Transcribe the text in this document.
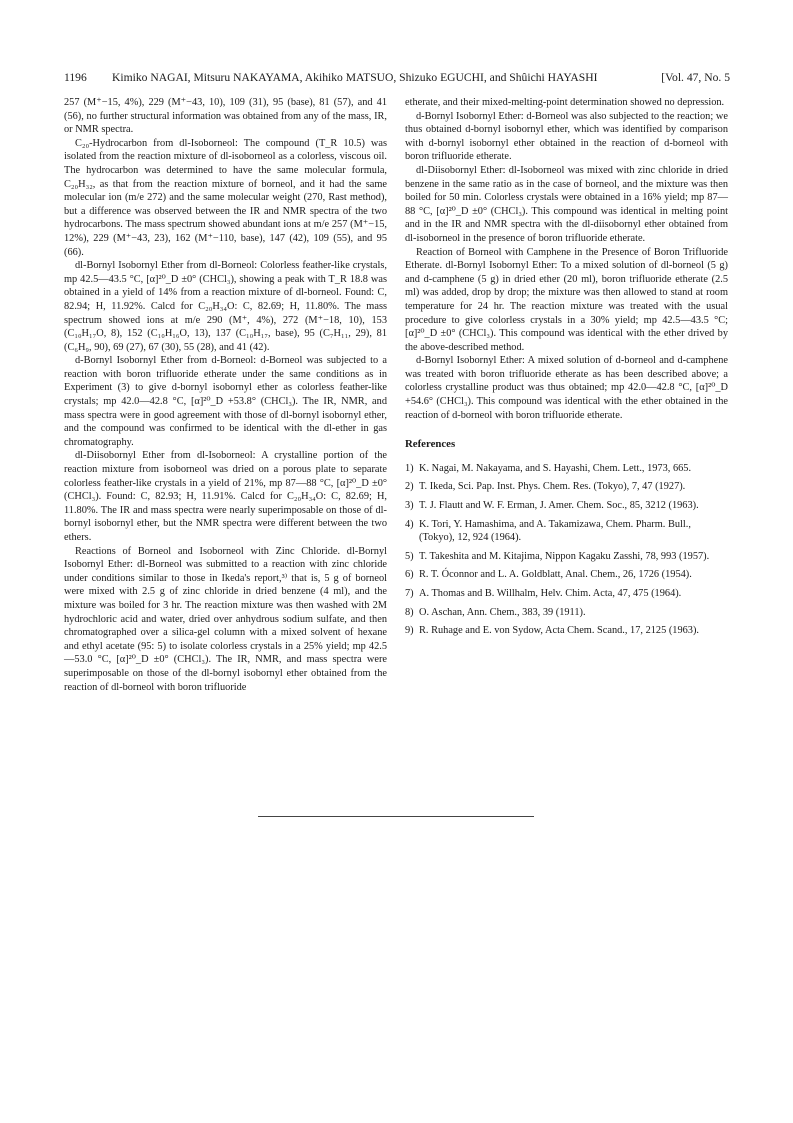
1196 Kimiko NAGAI, Mitsuru NAKAYAMA, Akihiko MATSUO, Shizuko EGUCHI, and Shûichi HAYASHI	[Vol. 47, No. 5

257 (M⁺−15, 4%), 229 (M⁺−43, 10), 109 (31), 95 (base), 81 (57), and 41 (56), no further structural information was obtained from any of the mass, IR, or NMR spectra.

C₂₀-Hydrocarbon from dl-Isoborneol: The compound (T_R 10.5) was isolated from the reaction mixture of dl-isoborneol as a colorless, viscous oil. The hydrocarbon was determined to have the same molecular formula, C₂₀H₃₂, as that from the reaction mixture of borneol, and it had the same molecular ion (m/e 272) and the same molecular weight (270, Rast method), but a difference was observed between the IR and NMR spectra of the two hydrocarbons. The mass spectrum showed abundant ions at m/e 257 (M⁺−15, 12%), 229 (M⁺−43, 23), 162 (M⁺−110, base), 147 (42), 109 (55), and 95 (66).

dl-Bornyl Isobornyl Ether from dl-Borneol: Colorless feather-like crystals, mp 42.5—43.5 °C, [α]²⁰_D ±0° (CHCl₃), showing a peak with T_R 18.8 was obtained in a yield of 14% from a reaction mixture of dl-borneol. Found: C, 82.94; H, 11.92%. Calcd for C₂₀H₃₄O: C, 82.69; H, 11.80%. The mass spectrum showed ions at m/e 290 (M⁺, 4%), 272 (M⁺−18, 10), 153 (C₁₀H₁₇O, 8), 152 (C₁₀H₁₆O, 13), 137 (C₁₀H₁₇, base), 95 (C₇H₁₁, 29), 81 (C₆H₉, 90), 69 (27), 67 (30), 55 (28), and 41 (42).

d-Bornyl Isobornyl Ether from d-Borneol: d-Borneol was subjected to a reaction with boron trifluoride etherate under the same conditions as in Experiment (3) to give d-bornyl isobornyl ether as colorless feather-like crystals; mp 42.0—42.8 °C, [α]²⁰_D +53.8° (CHCl₃). The IR, NMR, and mass spectra were in good agreement with those of dl-bornyl isobornyl ether, and the compound was confirmed to be identical with the dl-ether in gas chromatography.

dl-Diisobornyl Ether from dl-Isoborneol: A crystalline portion of the reaction mixture from isoborneol was dried on a porous plate to separate colorless feather-like crystals in a yield of 21%, mp 87—88 °C, [α]²⁰_D ±0° (CHCl₃). Found: C, 82.93; H, 11.91%. Calcd for C₂₀H₃₄O: C, 82.69; H, 11.80%. The IR and mass spectra were nearly superimposable on those of dl-bornyl isobornyl ether, but the NMR spectra were different between the two ethers.

Reactions of Borneol and Isoborneol with Zinc Chloride. dl-Bornyl Isobornyl Ether: dl-Borneol was submitted to a reaction with zinc chloride under conditions similar to those in Ikeda's report,³⁾ that is, 5 g of borneol were mixed with 2.5 g of zinc chloride in dried benzene (4 ml), and the mixture was boiled for 3 hr. The reaction mixture was then washed with 2M hydrochloric acid and water, dried over anhydrous sodium sulfate, and then chromatographed over a silica-gel column with a mixed solvent of hexane and ethyl acetate (95: 5) to isolate colorless crystals in a 25% yield; mp 42.5—53.0 °C, [α]²⁰_D ±0° (CHCl₃). The IR, NMR, and mass spectra were superimposable on those of the dl-bornyl isobornyl ether obtained from the reaction of dl-borneol with boron trifluoride

etherate, and their mixed-melting-point determination showed no depression.

d-Bornyl Isobornyl Ether: d-Borneol was also subjected to the reaction; we thus obtained d-bornyl isobornyl ether, which was identified by comparison with d-bornyl isobornyl ether obtained in the reaction of d-borneol with boron trifluoride etherate.

dl-Diisobornyl Ether: dl-Isoborneol was mixed with zinc chloride in dried benzene in the same ratio as in the case of borneol, and the mixture was then boiled for 50 min. Colorless crystals were obtained in a 16% yield; mp 87—88 °C, [α]²⁰_D ±0° (CHCl₃). This compound was identical in melting point and in the IR and NMR spectra with the dl-diisobornyl ether obtained from dl-isoborneol in the presence of boron trifluoride etherate.

Reaction of Borneol with Camphene in the Presence of Boron Trifluoride Etherate. dl-Bornyl Isobornyl Ether: To a mixed solution of dl-borneol (5 g) and d-camphene (5 g) in dried ether (20 ml), boron trifluoride etherate (2.5 ml) was added, drop by drop; the mixture was then allowed to stand at room temperature for 24 hr. The reaction mixture was treated with the usual procedure to give colorless crystals in a 30% yield; mp 42.5—43.5 °C; [α]²⁰_D ±0° (CHCl₃). This compound was identical with the ether drived by the above-described method.

d-Bornyl Isobornyl Ether: A mixed solution of d-borneol and d-camphene was treated with boron trifluoride etherate as has been described above; a colorless crystalline product was thus obtained; mp 42.0—42.8 °C, [α]²⁰_D +54.6° (CHCl₃). This compound was identical with the ether obtained in the reaction of d-borneol with boron trifluoride etherate.

References
1) K. Nagai, M. Nakayama, and S. Hayashi, Chem. Lett., 1973, 665.
2) T. Ikeda, Sci. Pap. Inst. Phys. Chem. Res. (Tokyo), 7, 47 (1927).
3) T. J. Flautt and W. F. Erman, J. Amer. Chem. Soc., 85, 3212 (1963).
4) K. Tori, Y. Hamashima, and A. Takamizawa, Chem. Pharm. Bull., (Tokyo), 12, 924 (1964).
5) T. Takeshita and M. Kitajima, Nippon Kagaku Zasshi, 78, 993 (1957).
6) R. T. Óconnor and L. A. Goldblatt, Anal. Chem., 26, 1726 (1954).
7) A. Thomas and B. Willhalm, Helv. Chim. Acta, 47, 475 (1964).
8) O. Aschan, Ann. Chem., 383, 39 (1911).
9) R. Ruhage and E. von Sydow, Acta Chem. Scand., 17, 2125 (1963).
